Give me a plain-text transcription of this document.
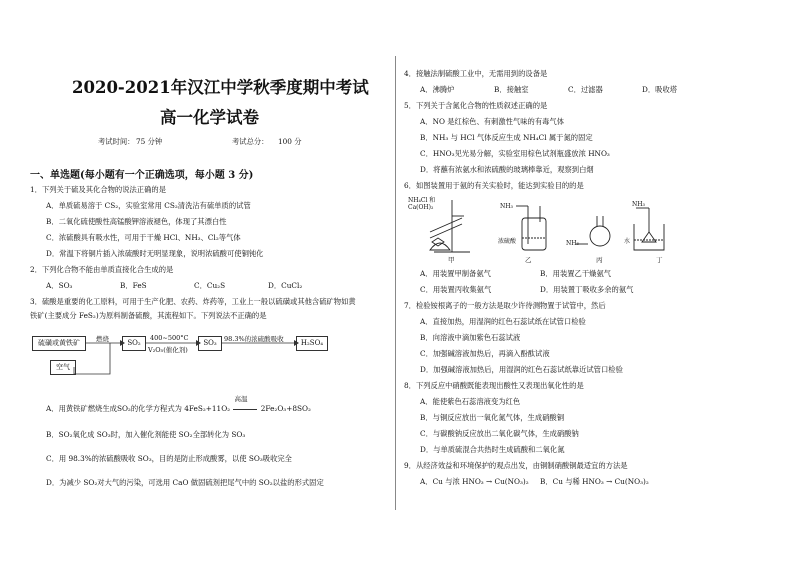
2020-2021年汉江中学秋季度期中考试
高一化学试卷
考试时间： 75 分钟	考试总分： 100 分
一、单选题(每小题有一个正确选项，每小题 3 分)
1．下列关于硫及其化合物的说法正确的是
A．单质硫易溶于 CS₂，实验室常用 CS₂清洗沾有硫单质的试管
B．二氧化硫使酸性高锰酸钾溶液褪色，体现了其漂白性
C．浓硫酸具有吸水性，可用于干燥 HCl、NH₃、Cl₂等气体
D．常温下将铜片插入浓硫酸时无明显现象，说明浓硫酸可使铜钝化
2．下列化合物不能由单质直接化合生成的是
A．SO₃	B．FeS	C．Cu₂S	D．CuCl₂
3．硫酸是重要的化工原料，可用于生产化肥、农药、炸药等，工业上一般以硫磺或其他含硫矿物如黄
铁矿(主要成分 FeS₂)为原料制备硫酸，其流程如下。下列说法不正确的是
硫磺或黄铁矿
空气
SO₂	SO₃	H₂SO₄
燃烧	400~500°C
V₂O₅(催化剂)
98.3%的浓硫酸吸收
A．用黄铁矿燃烧生成SO₂的化学方程式为 4FeS₂+11O₂
高温
2Fe₂O₃+8SO₂
B．SO₂氧化成 SO₃时，加入催化剂能使 SO₂全部转化为 SO₃
C．用 98.3%的浓硫酸吸收 SO₃，目的是防止形成酸雾，以使 SO₃吸收完全
D．为减少 SO₂对大气的污染，可选用 CaO 做固硫剂把尾气中的 SO₂以盐的形式固定
4．接触法制硫酸工业中，无需用到的设备是
A．沸腾炉	B．接触室	C．过滤器	D．吸收塔
5．下列关于含氮化合物的性质叙述正确的是
A．NO 是红棕色、有刺激性气味的有毒气体
B．NH₃ 与 HCl 气体反应生成 NH₄Cl 属于氮的固定
C．HNO₃见光易分解，实验室用棕色试剂瓶盛放浓 HNO₃
D．将蘸有浓氨水和浓硫酸的玻璃棒靠近，观察到白烟
6．如图装置用于氨的有关实验时，能达到实验目的的是
NH₄Cl 和
Ca(OH)₂	NH₃
浓硫酸	NH₃
NH₃
水
甲	乙	丙	丁
A．用装置甲制备氨气	B．用装置乙干燥氨气
C．用装置丙收集氨气	D．用装置丁吸收多余的氨气
7．检验铵根离子的一般方法是取少许待测物置于试管中，然后
A．直接加热，用湿润的红色石蕊试纸在试管口检验
B．向溶液中滴加紫色石蕊试液
C．加强碱溶液加热后，再滴入酚酞试液
D．加强碱溶液加热后，用湿润的红色石蕊试纸靠近试管口检验
8．下列反应中硝酸既能表现出酸性又表现出氧化性的是
A．能使紫色石蕊溶液变为红色
B．与铜反应放出一氧化氮气体，生成硝酸铜
C．与碳酸钠反应放出二氧化碳气体，生成硝酸钠
D．与单质硫混合共热时生成硫酸和二氧化氮
9．从经济效益和环境保护的观点出发，由铜制硝酸铜最适宜的方法是
A．Cu 与浓 HNO₃ → Cu(NO₃)₂ B．Cu 与稀 HNO₃ → Cu(NO₃)₂
